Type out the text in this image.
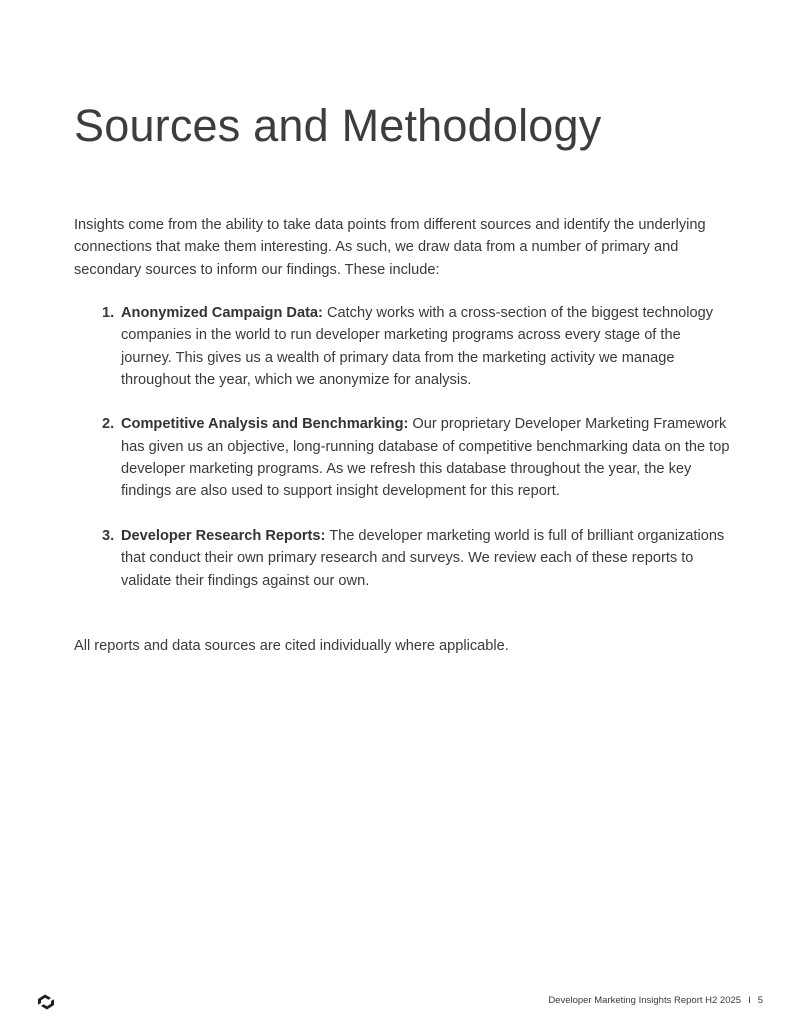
Sources and Methodology

Insights come from the ability to take data points from different sources and identify the underlying connections that make them interesting. As such, we draw data from a number of primary and secondary sources to inform our findings. These include:

1. Anonymized Campaign Data: Catchy works with a cross-section of the biggest technology companies in the world to run developer marketing programs across every stage of the journey. This gives us a wealth of primary data from the marketing activity we manage throughout the year, which we anonymize for analysis.
2. Competitive Analysis and Benchmarking: Our proprietary Developer Marketing Framework has given us an objective, long-running database of competitive benchmarking data on the top developer marketing programs. As we refresh this database throughout the year, the key findings are also used to support insight development for this report.
3. Developer Research Reports: The developer marketing world is full of brilliant organizations that conduct their own primary research and surveys. We review each of these reports to validate their findings against our own.

All reports and data sources are cited individually where applicable.

Developer Marketing Insights Report H2 2025 I 5
